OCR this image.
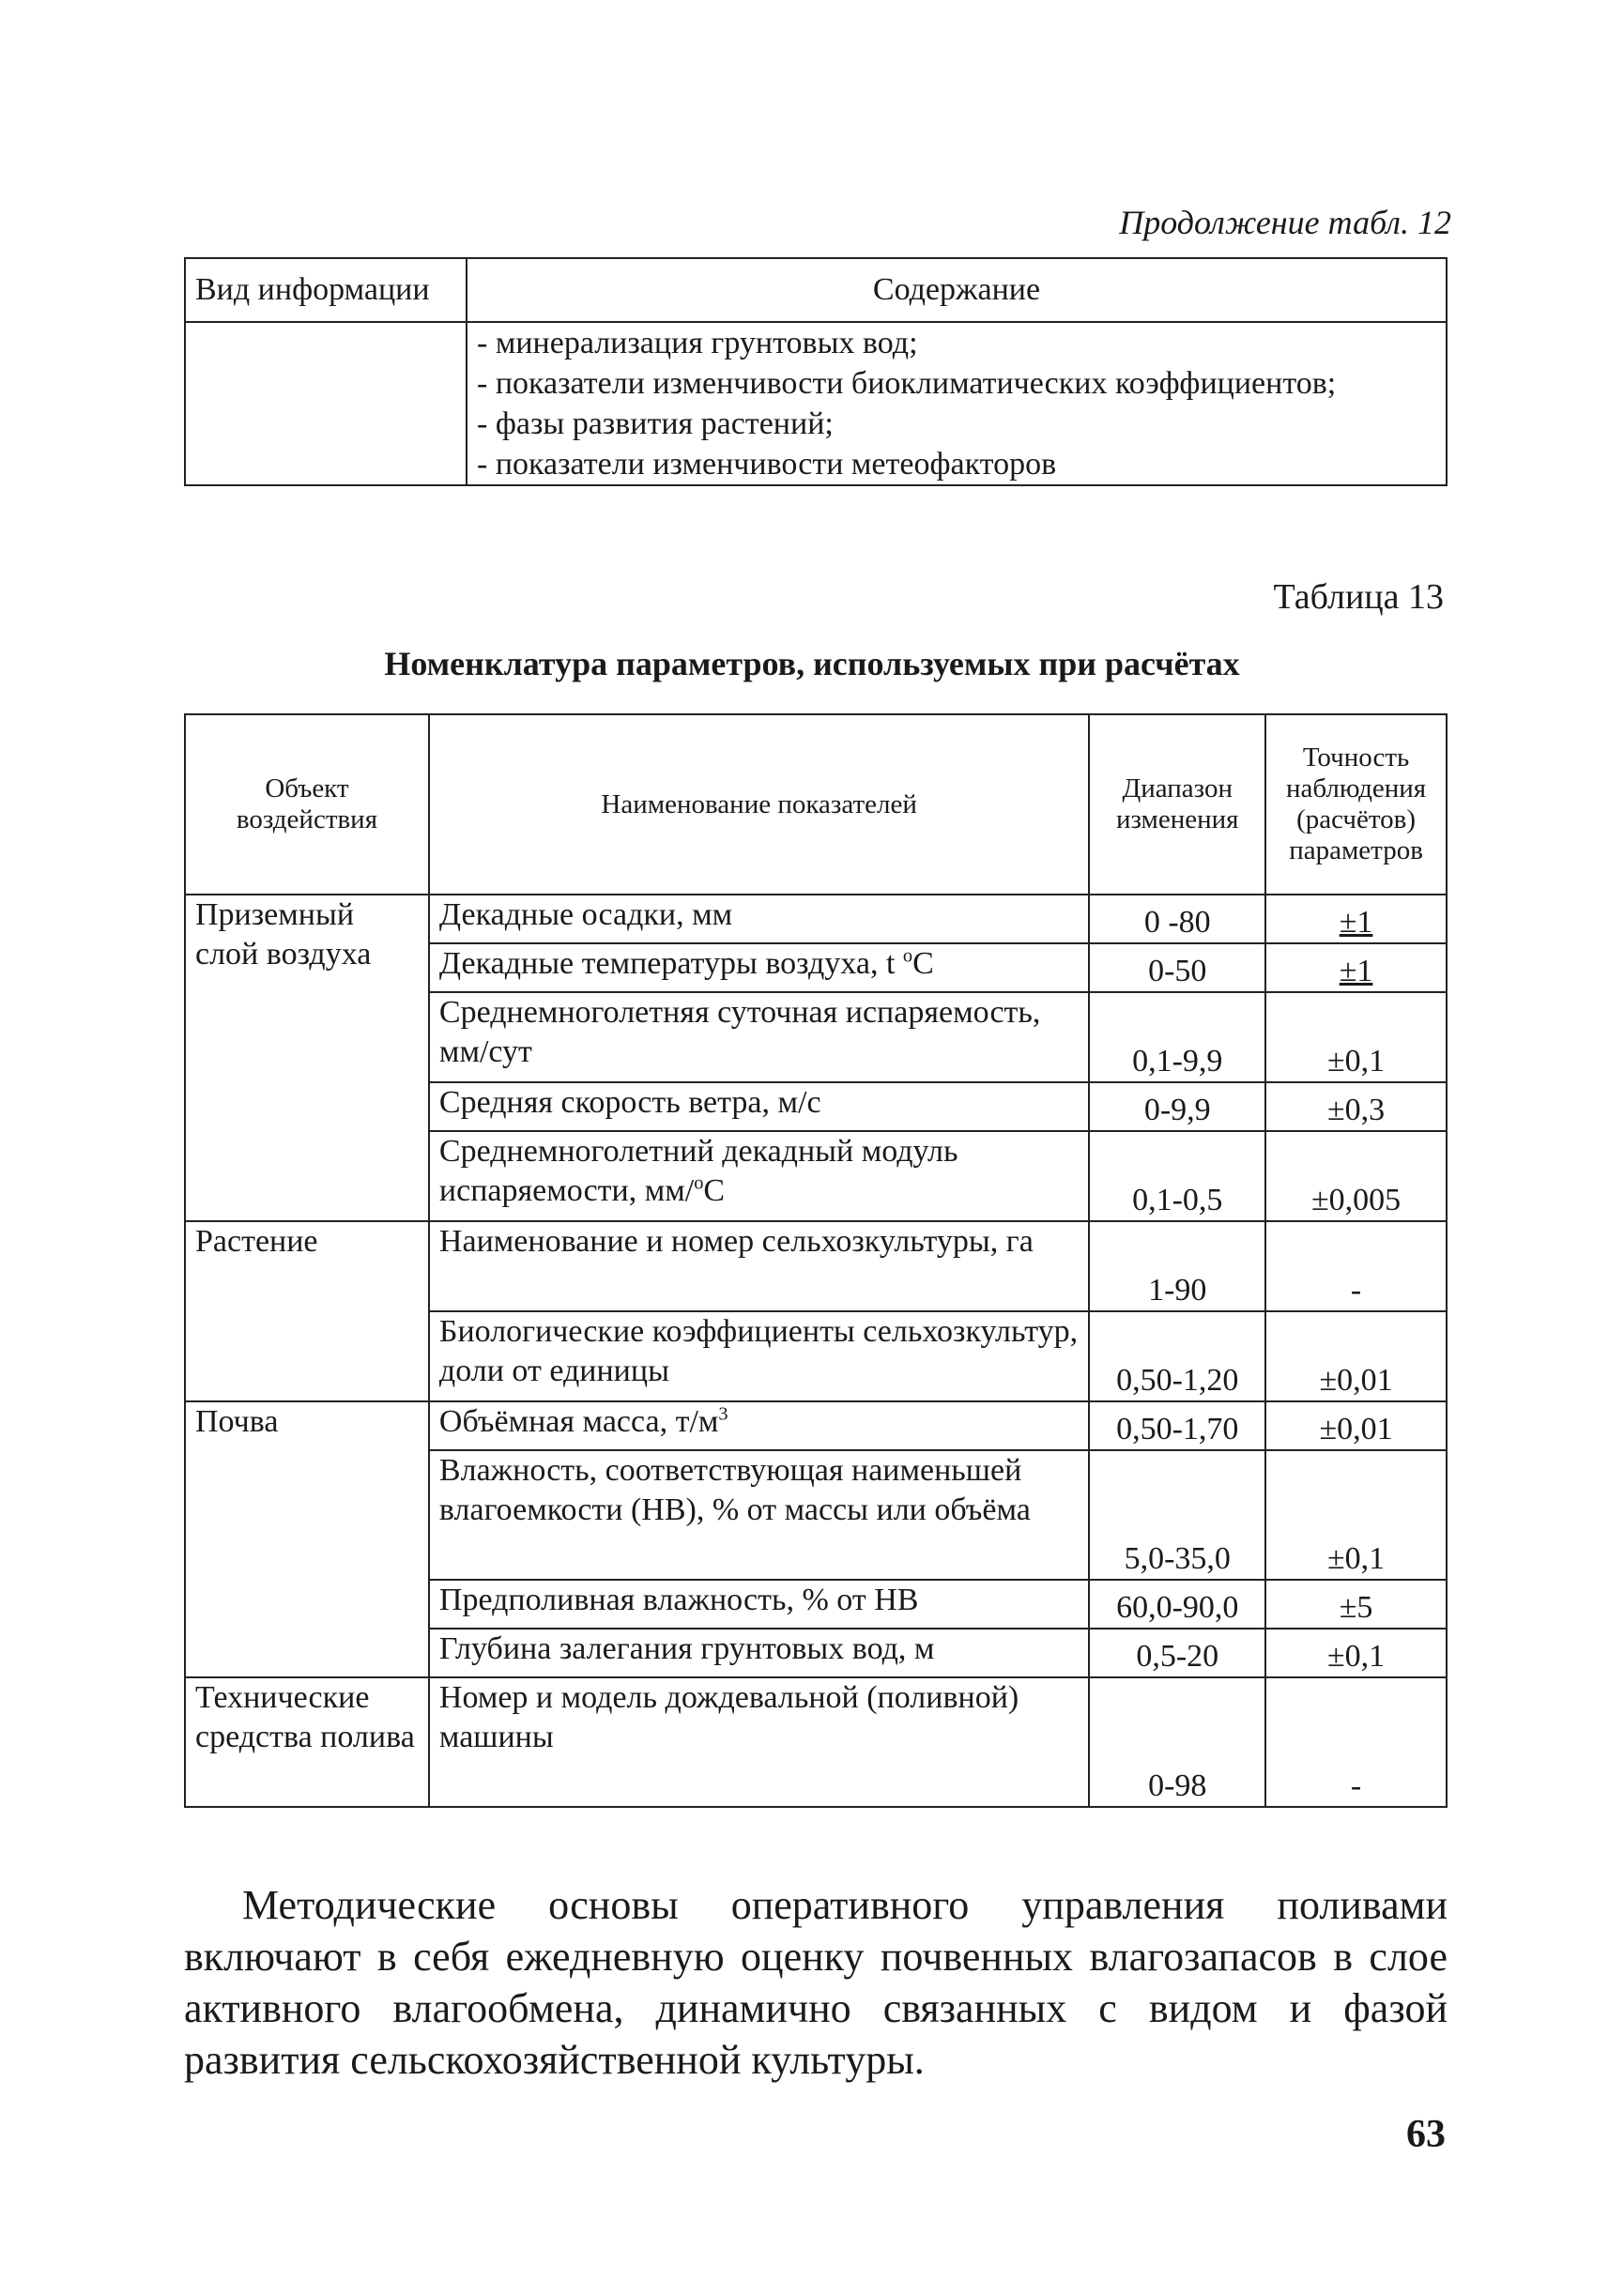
Продолжение табл. 12
Вид информации	Содержание

	- минерализация грунтовых вод;
- показатели изменчивости биоклиматических коэффициентов;
- фазы развития растений;
- показатели изменчивости метеофакторов
Таблица 13
Номенклатура параметров, используемых при расчётах
Объект воздействия	Наименование показателей	Диапазон изменения	Точность наблюдения (расчётов) параметров
Приземный слой воздуха	Декадные осадки, мм	0 -80	±1
	Декадные температуры воздуха, t $^o$C	0-50	±1
	Среднемноголетняя суточная испаряемость, мм/сут	0,1-9,9	±0,1
	Средняя скорость ветра, м/с	0-9,9	±0,3
	Среднемноголетний декадный модуль испаряемости, мм/$^o$C	0,1-0,5	±0,005
Растение	Наименование и номер сельхозкультуры, га	1-90	-
	Биологические коэффициенты сельхозкультур, доли от единицы	0,50-1,20	±0,01
Почва	Объёмная масса, $т/м^3$	0,50-1,70	±0,01
	Влажность, соответствующая наименьшей влагоемкости (НВ), % от массы или объёма	5,0-35,0	±0,1
	Предполивная влажность, % от НВ	60,0-90,0	±5
	Глубина залегания грунтовых вод, м	0,5-20	±0,1
Технические средства полива	Номер и модель дождевальной (поливной) машины	0-98	-
Методические основы оперативного управления поливами включают в себя ежедневную оценку почвенных влагозапасов в слое активного влагообмена, динамично связанных с видом и фазой развития сельскохозяйственной культуры.
63
